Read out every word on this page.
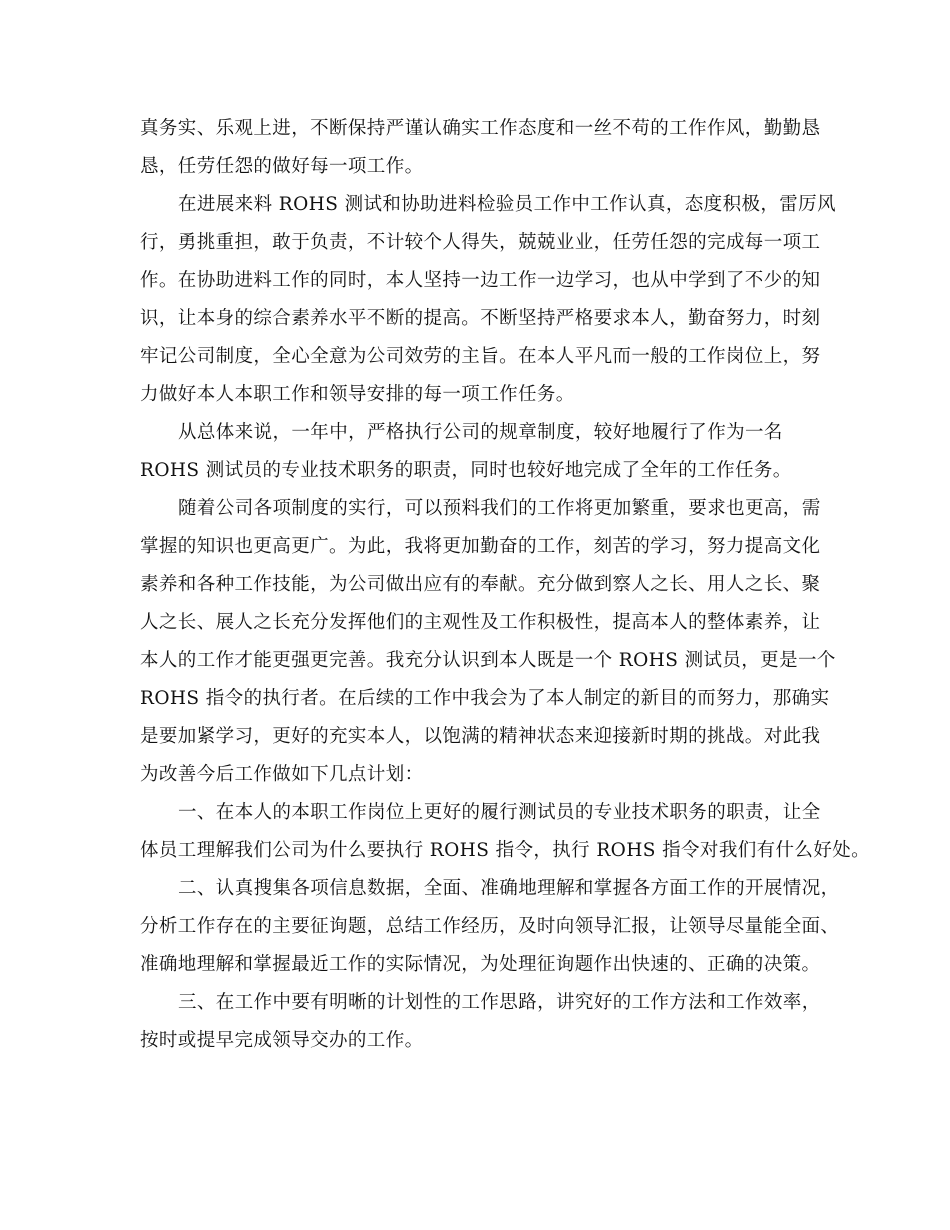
真务实、乐观上进，不断保持严谨认确实工作态度和一丝不苟的工作作风，勤勤恳
恳，任劳任怨的做好每一项工作。
在进展来料 ROHS 测试和协助进料检验员工作中工作认真，态度积极，雷厉风
行，勇挑重担，敢于负责，不计较个人得失，兢兢业业，任劳任怨的完成每一项工
作。在协助进料工作的同时，本人坚持一边工作一边学习，也从中学到了不少的知
识，让本身的综合素养水平不断的提高。不断坚持严格要求本人，勤奋努力，时刻
牢记公司制度，全心全意为公司效劳的主旨。在本人平凡而一般的工作岗位上，努
力做好本人本职工作和领导安排的每一项工作任务。
从总体来说，一年中，严格执行公司的规章制度，较好地履行了作为一名
ROHS 测试员的专业技术职务的职责，同时也较好地完成了全年的工作任务。
随着公司各项制度的实行，可以预料我们的工作将更加繁重，要求也更高，需
掌握的知识也更高更广。为此，我将更加勤奋的工作，刻苦的学习，努力提高文化
素养和各种工作技能，为公司做出应有的奉献。充分做到察人之长、用人之长、聚
人之长、展人之长充分发挥他们的主观性及工作积极性，提高本人的整体素养，让
本人的工作才能更强更完善。我充分认识到本人既是一个 ROHS 测试员，更是一个
ROHS 指令的执行者。在后续的工作中我会为了本人制定的新目的而努力，那确实
是要加紧学习，更好的充实本人，以饱满的精神状态来迎接新时期的挑战。对此我
为改善今后工作做如下几点计划：
一、在本人的本职工作岗位上更好的履行测试员的专业技术职务的职责，让全
体员工理解我们公司为什么要执行 ROHS 指令，执行 ROHS 指令对我们有什么好处。
二、认真搜集各项信息数据，全面、准确地理解和掌握各方面工作的开展情况，
分析工作存在的主要征询题，总结工作经历，及时向领导汇报，让领导尽量能全面、
准确地理解和掌握最近工作的实际情况，为处理征询题作出快速的、正确的决策。
三、在工作中要有明晰的计划性的工作思路，讲究好的工作方法和工作效率，
按时或提早完成领导交办的工作。
